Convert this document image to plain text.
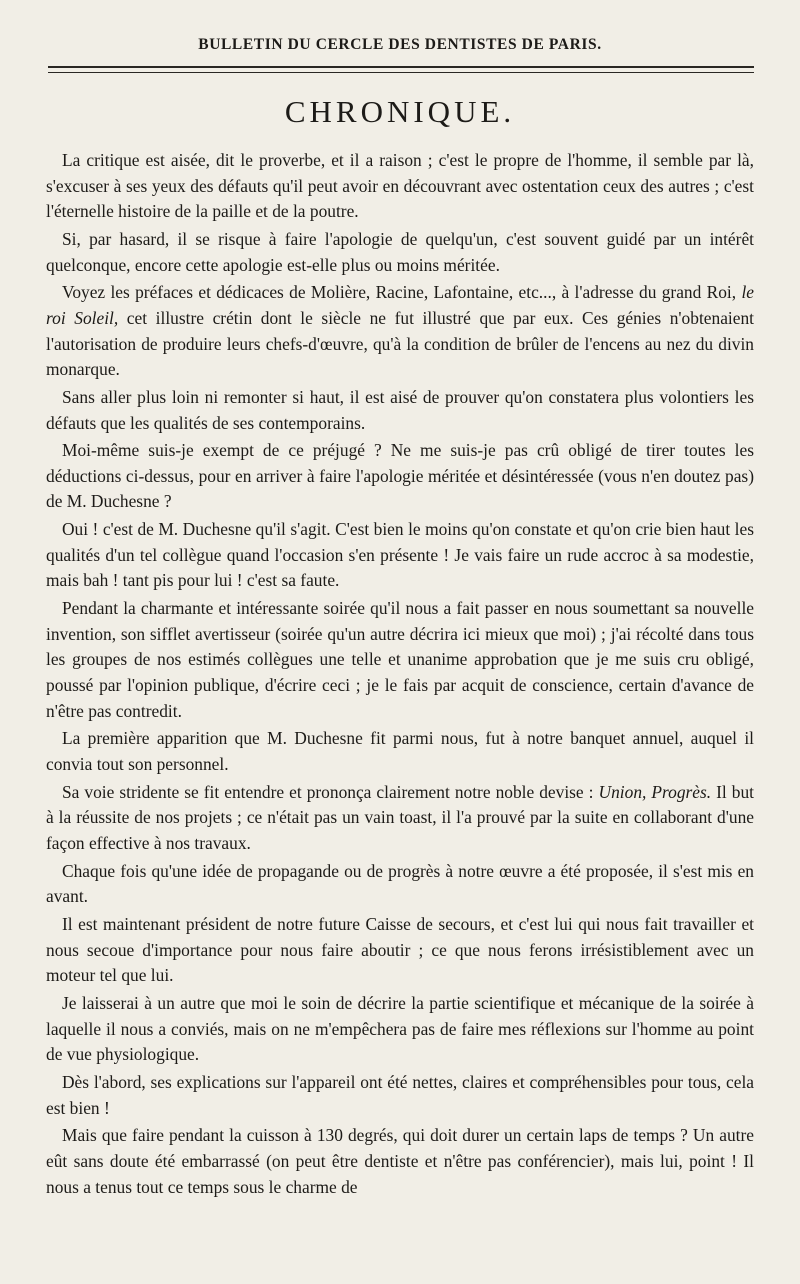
BULLETIN DU CERCLE DES DENTISTES DE PARIS.
CHRONIQUE.

La critique est aisée, dit le proverbe, et il a raison ; c'est le propre de l'homme, il semble par là, s'excuser à ses yeux des défauts qu'il peut avoir en découvrant avec ostentation ceux des autres ; c'est l'éternelle histoire de la paille et de la poutre.

Si, par hasard, il se risque à faire l'apologie de quelqu'un, c'est souvent guidé par un intérêt quelconque, encore cette apologie est-elle plus ou moins méritée.

Voyez les préfaces et dédicaces de Molière, Racine, Lafontaine, etc..., à l'adresse du grand Roi, le roi Soleil, cet illustre crétin dont le siècle ne fut illustré que par eux. Ces génies n'obtenaient l'autorisation de produire leurs chefs-d'œuvre, qu'à la condition de brûler de l'encens au nez du divin monarque.

Sans aller plus loin ni remonter si haut, il est aisé de prouver qu'on constatera plus volontiers les défauts que les qualités de ses contemporains.

Moi-même suis-je exempt de ce préjugé ? Ne me suis-je pas crû obligé de tirer toutes les déductions ci-dessus, pour en arriver à faire l'apologie méritée et désintéressée (vous n'en doutez pas) de M. Duchesne ?

Oui ! c'est de M. Duchesne qu'il s'agit. C'est bien le moins qu'on constate et qu'on crie bien haut les qualités d'un tel collègue quand l'occasion s'en présente ! Je vais faire un rude accroc à sa modestie, mais bah ! tant pis pour lui ! c'est sa faute.

Pendant la charmante et intéressante soirée qu'il nous a fait passer en nous soumettant sa nouvelle invention, son sifflet avertisseur (soirée qu'un autre décrira ici mieux que moi) ; j'ai récolté dans tous les groupes de nos estimés collègues une telle et unanime approbation que je me suis cru obligé, poussé par l'opinion publique, d'écrire ceci ; je le fais par acquit de conscience, certain d'avance de n'être pas contredit.

La première apparition que M. Duchesne fit parmi nous, fut à notre banquet annuel, auquel il convia tout son personnel.

Sa voie stridente se fit entendre et prononça clairement notre noble devise : Union, Progrès. Il but à la réussite de nos projets ; ce n'était pas un vain toast, il l'a prouvé par la suite en collaborant d'une façon effective à nos travaux.

Chaque fois qu'une idée de propagande ou de progrès à notre œuvre a été proposée, il s'est mis en avant.

Il est maintenant président de notre future Caisse de secours, et c'est lui qui nous fait travailler et nous secoue d'importance pour nous faire aboutir ; ce que nous ferons irrésistiblement avec un moteur tel que lui.

Je laisserai à un autre que moi le soin de décrire la partie scientifique et mécanique de la soirée à laquelle il nous a conviés, mais on ne m'empêchera pas de faire mes réflexions sur l'homme au point de vue physiologique.

Dès l'abord, ses explications sur l'appareil ont été nettes, claires et compréhensibles pour tous, cela est bien !

Mais que faire pendant la cuisson à 130 degrés, qui doit durer un certain laps de temps ? Un autre eût sans doute été embarrassé (on peut être dentiste et n'être pas conférencier), mais lui, point ! Il nous a tenus tout ce temps sous le charme de
